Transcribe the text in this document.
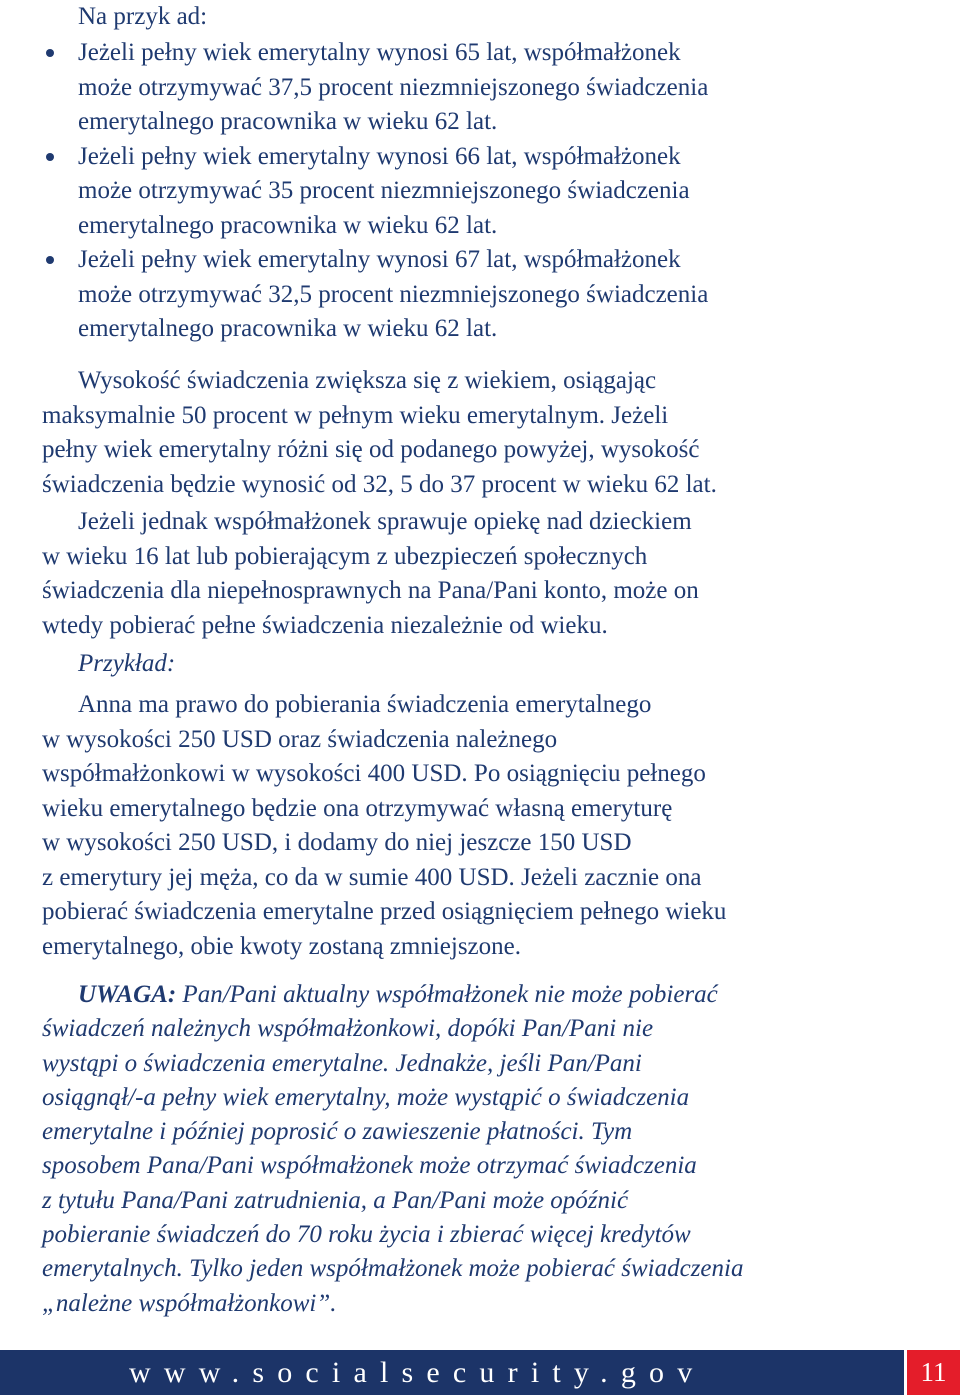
Na przyk ad:

Jeżeli pełny wiek emerytalny wynosi 65 lat, współmałżonek
może otrzymywać 37,5 procent niezmniejszonego świadczenia
emerytalnego pracownika w wieku 62 lat.
Jeżeli pełny wiek emerytalny wynosi 66 lat, współmałżonek
może otrzymywać 35 procent niezmniejszonego świadczenia
emerytalnego pracownika w wieku 62 lat.
Jeżeli pełny wiek emerytalny wynosi 67 lat, współmałżonek
może otrzymywać 32,5 procent niezmniejszonego świadczenia
emerytalnego pracownika w wieku 62 lat.

Wysokość świadczenia zwiększa się z wiekiem, osiągając
maksymalnie 50 procent w pełnym wieku emerytalnym. Jeżeli
pełny wiek emerytalny różni się od podanego powyżej, wysokość
świadczenia będzie wynosić od 32, 5 do 37 procent w wieku 62 lat.

Jeżeli jednak współmałżonek sprawuje opiekę nad dzieckiem
w wieku 16 lat lub pobierającym z ubezpieczeń społecznych
świadczenia dla niepełnosprawnych na Pana/Pani konto, może on
wtedy pobierać pełne świadczenia niezależnie od wieku.

Przykład:

Anna ma prawo do pobierania świadczenia emerytalnego
w wysokości 250 USD oraz świadczenia należnego
współmałżonkowi w wysokości 400 USD. Po osiągnięciu pełnego
wieku emerytalnego będzie ona otrzymywać własną emeryturę
w wysokości 250 USD, i dodamy do niej jeszcze 150 USD
z emerytury jej męża, co da w sumie 400 USD. Jeżeli zacznie ona
pobierać świadczenia emerytalne przed osiągnięciem pełnego wieku
emerytalnego, obie kwoty zostaną zmniejszone.

UWAGA: Pan/Pani aktualny współmałżonek nie może pobierać
świadczeń należnych współmałżonkowi, dopóki Pan/Pani nie
wystąpi o świadczenia emerytalne. Jednakże, jeśli Pan/Pani
osiągnął/-a pełny wiek emerytalny, może wystąpić o świadczenia
emerytalne i później poprosić o zawieszenie płatności. Tym
sposobem Pana/Pani współmałżonek może otrzymać świadczenia
z tytułu Pana/Pani zatrudnienia, a Pan/Pani może opóźnić
pobieranie świadczeń do 70 roku życia i zbierać więcej kredytów
emerytalnych. Tylko jeden współmałżonek może pobierać świadczenia
„należne współmałżonkowi”.

www.socialsecurity.gov	11
